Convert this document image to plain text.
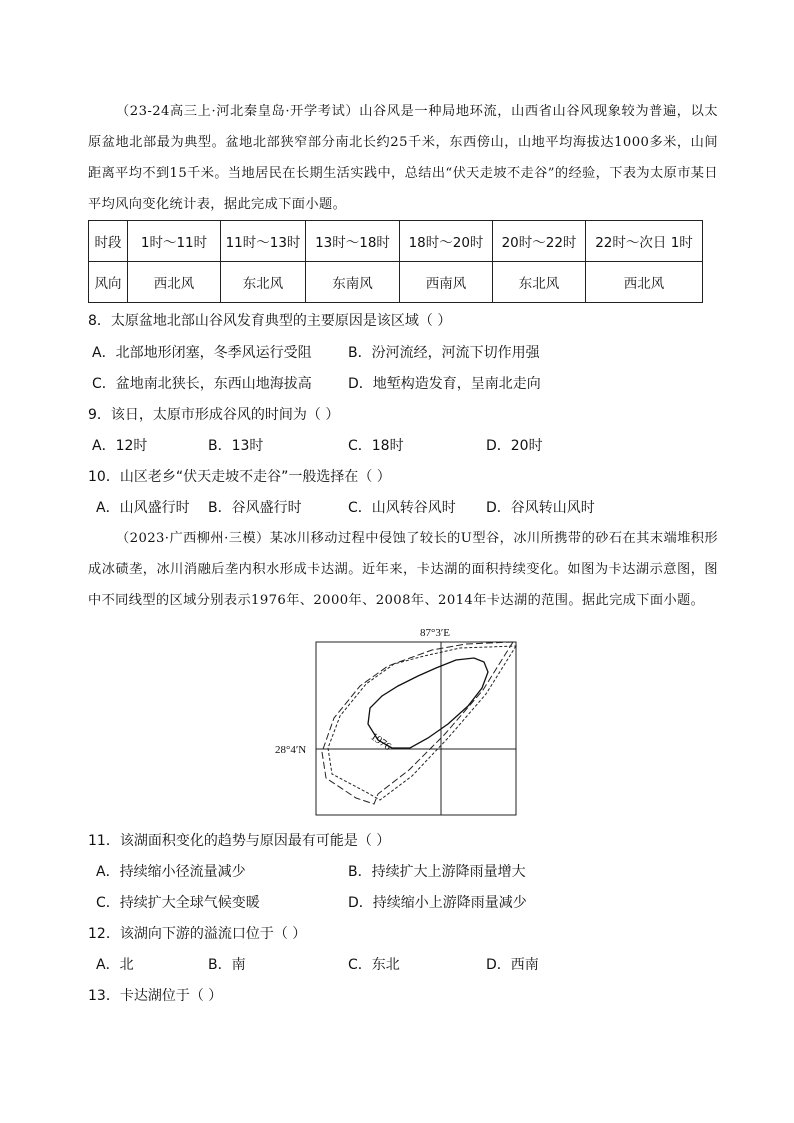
（23-24高三上·河北秦皇岛·开学考试）山谷风是一种局地环流，山西省山谷风现象较为普遍，以太原盆地北部最为典型。盆地北部狭窄部分南北长约25千米，东西傍山，山地平均海拔达1000多米，山间距离平均不到15千米。当地居民在长期生活实践中，总结出“伏天走坡不走谷”的经验，下表为太原市某日平均风向变化统计表，据此完成下面小题。
时段	1时～11时	11时～13时	13时～18时	18时～20时	20时～22时	22时～次日 1时
风向	西北风	东北风	东南风	西南风	东北风	西北风
8．太原盆地北部山谷风发育典型的主要原因是该区域（ ）
A．北部地形闭塞，冬季风运行受阻	B．汾河流经，河流下切作用强
C．盆地南北狭长，东西山地海拔高	D．地堑构造发育，呈南北走向
9．该日，太原市形成谷风的时间为（ ）
A．12时	B．13时	C．18时	D．20时
10．山区老乡“伏天走坡不走谷”一般选择在（ ）
A．山风盛行时 B．谷风盛行时	C．山风转谷风时 D．谷风转山风时
（2023·广西柳州·三模）某冰川移动过程中侵蚀了较长的U型谷，冰川所携带的砂石在其末端堆积形成冰碛垄，冰川消融后垄内积水形成卡达湖。近年来，卡达湖的面积持续变化。如图为卡达湖示意图，图中不同线型的区域分别表示1976年、2000年、2008年、2014年卡达湖的范围。据此完成下面小题。
87°3′E
28°4′N	1976
11．该湖面积变化的趋势与原因最有可能是（ ）
A．持续缩小径流量减少	B．持续扩大上游降雨量增大
C．持续扩大全球气候变暖	D．持续缩小上游降雨量减少
12．该湖向下游的溢流口位于（ ）
A．北	B．南	C．东北	D．西南
13．卡达湖位于（ ）
